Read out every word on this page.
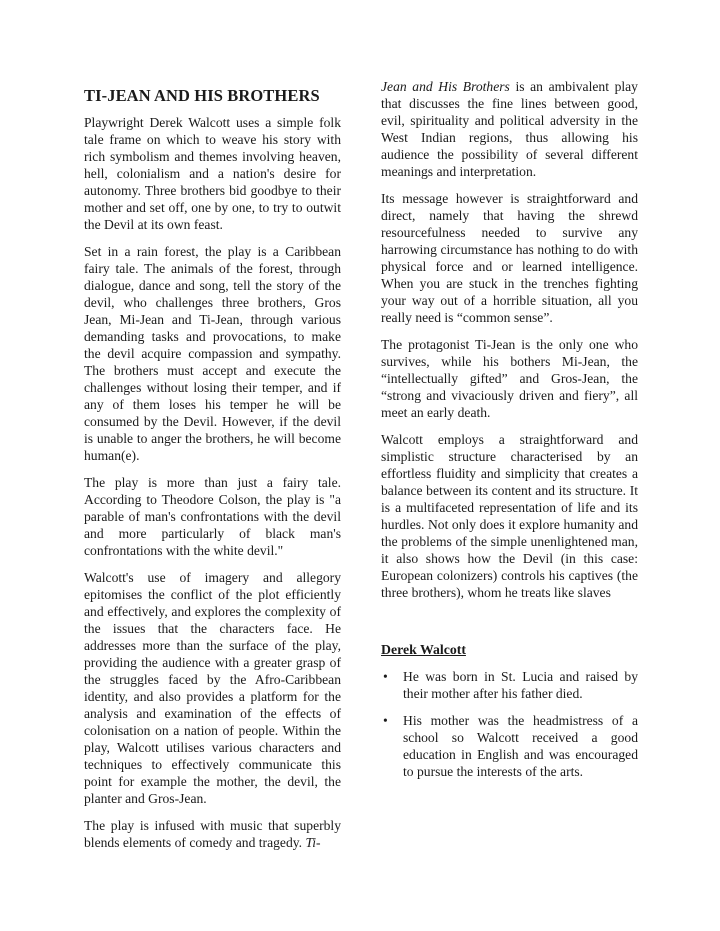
TI-JEAN AND HIS BROTHERS

Playwright Derek Walcott uses a simple folk tale frame on which to weave his story with rich symbolism and themes involving heaven, hell, colonialism and a nation's desire for autonomy. Three brothers bid goodbye to their mother and set off, one by one, to try to outwit the Devil at its own feast.

Set in a rain forest, the play is a Caribbean fairy tale. The animals of the forest, through dialogue, dance and song, tell the story of the devil, who challenges three brothers, Gros Jean, Mi-Jean and Ti-Jean, through various demanding tasks and provocations, to make the devil acquire compassion and sympathy. The brothers must accept and execute the challenges without losing their temper, and if any of them loses his temper he will be consumed by the Devil. However, if the devil is unable to anger the brothers, he will become human(e).

The play is more than just a fairy tale. According to Theodore Colson, the play is "a parable of man's confrontations with the devil and more particularly of black man's confrontations with the white devil."

Walcott's use of imagery and allegory epitomises the conflict of the plot efficiently and effectively, and explores the complexity of the issues that the characters face. He addresses more than the surface of the play, providing the audience with a greater grasp of the struggles faced by the Afro-Caribbean identity, and also provides a platform for the analysis and examination of the effects of colonisation on a nation of people. Within the play, Walcott utilises various characters and techniques to effectively communicate this point for example the mother, the devil, the planter and Gros-Jean.

The play is infused with music that superbly blends elements of comedy and tragedy. Ti-

Jean and His Brothers is an ambivalent play that discusses the fine lines between good, evil, spirituality and political adversity in the West Indian regions, thus allowing his audience the possibility of several different meanings and interpretation.

Its message however is straightforward and direct, namely that having the shrewd resourcefulness needed to survive any harrowing circumstance has nothing to do with physical force and or learned intelligence. When you are stuck in the trenches fighting your way out of a horrible situation, all you really need is “common sense”.

The protagonist Ti-Jean is the only one who survives, while his bothers Mi-Jean, the “intellectually gifted” and Gros-Jean, the “strong and vivaciously driven and fiery”, all meet an early death.

Walcott employs a straightforward and simplistic structure characterised by an effortless fluidity and simplicity that creates a balance between its content and its structure. It is a multifaceted representation of life and its hurdles. Not only does it explore humanity and the problems of the simple unenlightened man, it also shows how the Devil (in this case: European colonizers) controls his captives (the three brothers), whom he treats like slaves

Derek Walcott
• He was born in St. Lucia and raised by their mother after his father died.
• His mother was the headmistress of a school so Walcott received a good education in English and was encouraged to pursue the interests of the arts.
